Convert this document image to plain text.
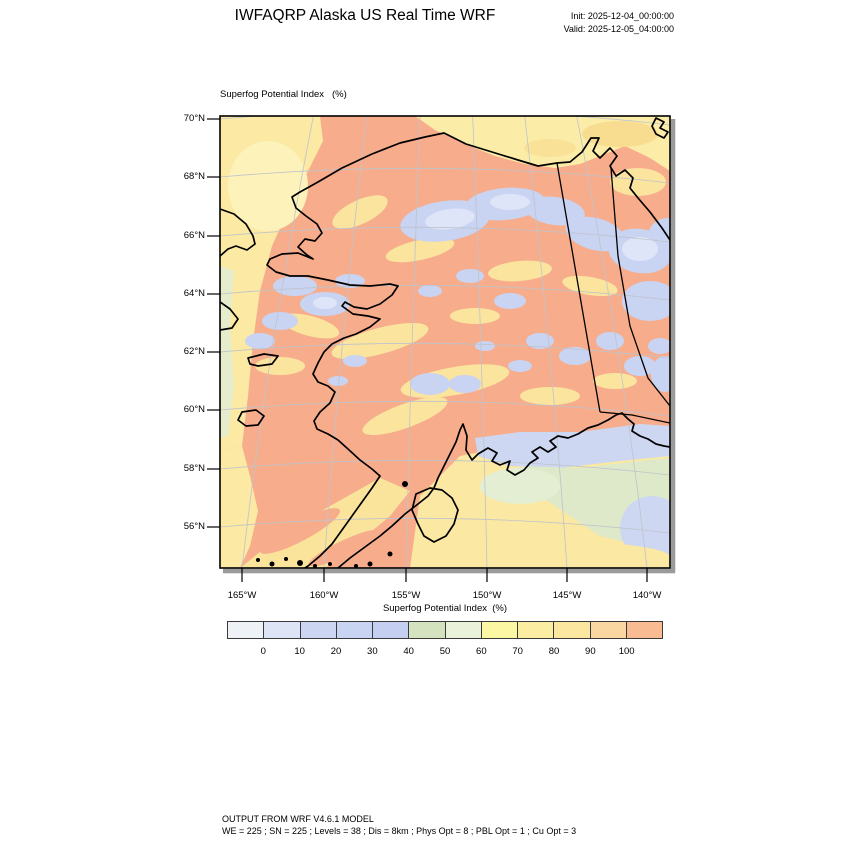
IWFAQRP Alaska US Real Time WRF	Init: 2025-12-04_00:00:00
Valid: 2025-12-05_04:00:00
Superfog Potential Index   (%)
70°N
68°N
66°N
64°N
62°N
60°N
58°N
56°N
165°W	160°W	155°W	150°W	145°W	140°W
Superfog Potential Index  (%)
0	10	20	30	40	50	60	70	80	90 100
OUTPUT FROM WRF V4.6.1 MODEL
WE = 225 ; SN = 225 ; Levels = 38 ; Dis = 8km ; Phys Opt = 8 ; PBL Opt = 1 ; Cu Opt = 3
